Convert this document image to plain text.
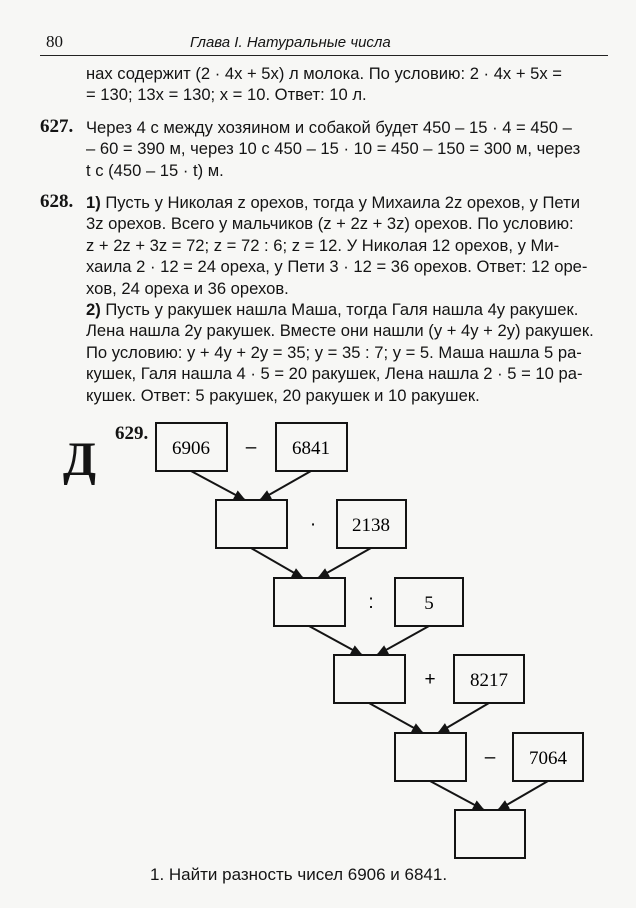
80	Глава I. Натуральные числа
нах содержит (2 · 4х + 5х) л молока. По условию: 2 · 4х + 5х =
= 130; 13х = 130; х = 10. Ответ: 10 л.
627. Через 4 с между хозяином и собакой будет 450 – 15 · 4 = 450 –
– 60 = 390 м, через 10 с 450 – 15 · 10 = 450 – 150 = 300 м, через
t с (450 – 15 · t) м.
628. 1) Пусть у Николая z орехов, тогда у Михаила 2z орехов, у Пети
3z орехов. Всего у мальчиков (z + 2z + 3z) орехов. По условию:
z + 2z + 3z = 72; z = 72 : 6; z = 12. У Николая 12 орехов, у Ми-
хаила 2 · 12 = 24 ореха, у Пети 3 · 12 = 36 орехов. Ответ: 12 оре-
хов, 24 ореха и 36 орехов.
2) Пусть у ракушек нашла Маша, тогда Галя нашла 4у ракушек.
Лена нашла 2у ракушек. Вместе они нашли (у + 4у + 2у) ракушек.
По условию: у + 4у + 2у = 35; у = 35 : 7; у = 5. Маша нашла 5 ра-
кушек, Галя нашла 4 · 5 = 20 ракушек, Лена нашла 2 · 5 = 10 ра-
кушек. Ответ: 5 ракушек, 20 ракушек и 10 ракушек.
629.
Д	6906	6841
2138
5
8217
7064
–
·
:
+
–
1. Найти разность чисел 6906 и 6841.
